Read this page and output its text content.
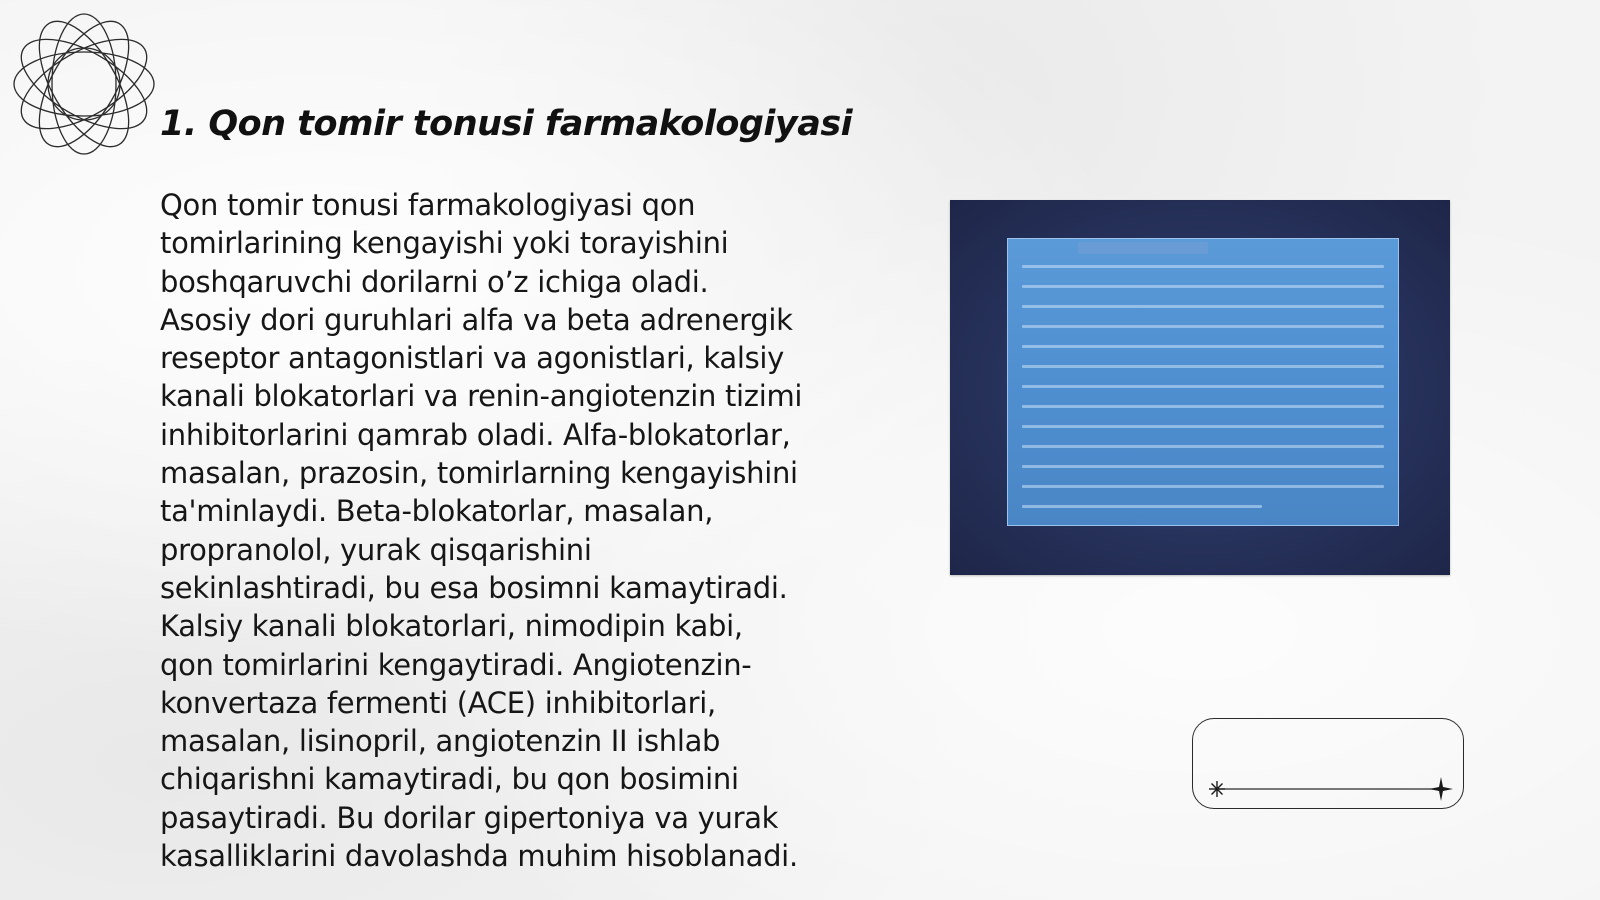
1. Qon tomir tonusi farmakologiyasi

Qon tomir tonusi farmakologiyasi qon
tomirlarining kengayishi yoki torayishini
boshqaruvchi dorilarni o’z ichiga oladi.
Asosiy dori guruhlari alfa va beta adrenergik
reseptor antagonistlari va agonistlari, kalsiy
kanali blokatorlari va renin-angiotenzin tizimi
inhibitorlarini qamrab oladi. Alfa-blokatorlar,
masalan, prazosin, tomirlarning kengayishini
ta'minlaydi. Beta-blokatorlar, masalan,
propranolol, yurak qisqarishini
sekinlashtiradi, bu esa bosimni kamaytiradi.
Kalsiy kanali blokatorlari, nimodipin kabi,
qon tomirlarini kengaytiradi. Angiotenzin-
konvertaza fermenti (ACE) inhibitorlari,
masalan, lisinopril, angiotenzin II ishlab
chiqarishni kamaytiradi, bu qon bosimini
pasaytiradi. Bu dorilar gipertoniya va yurak
kasalliklarini davolashda muhim hisoblanadi.
